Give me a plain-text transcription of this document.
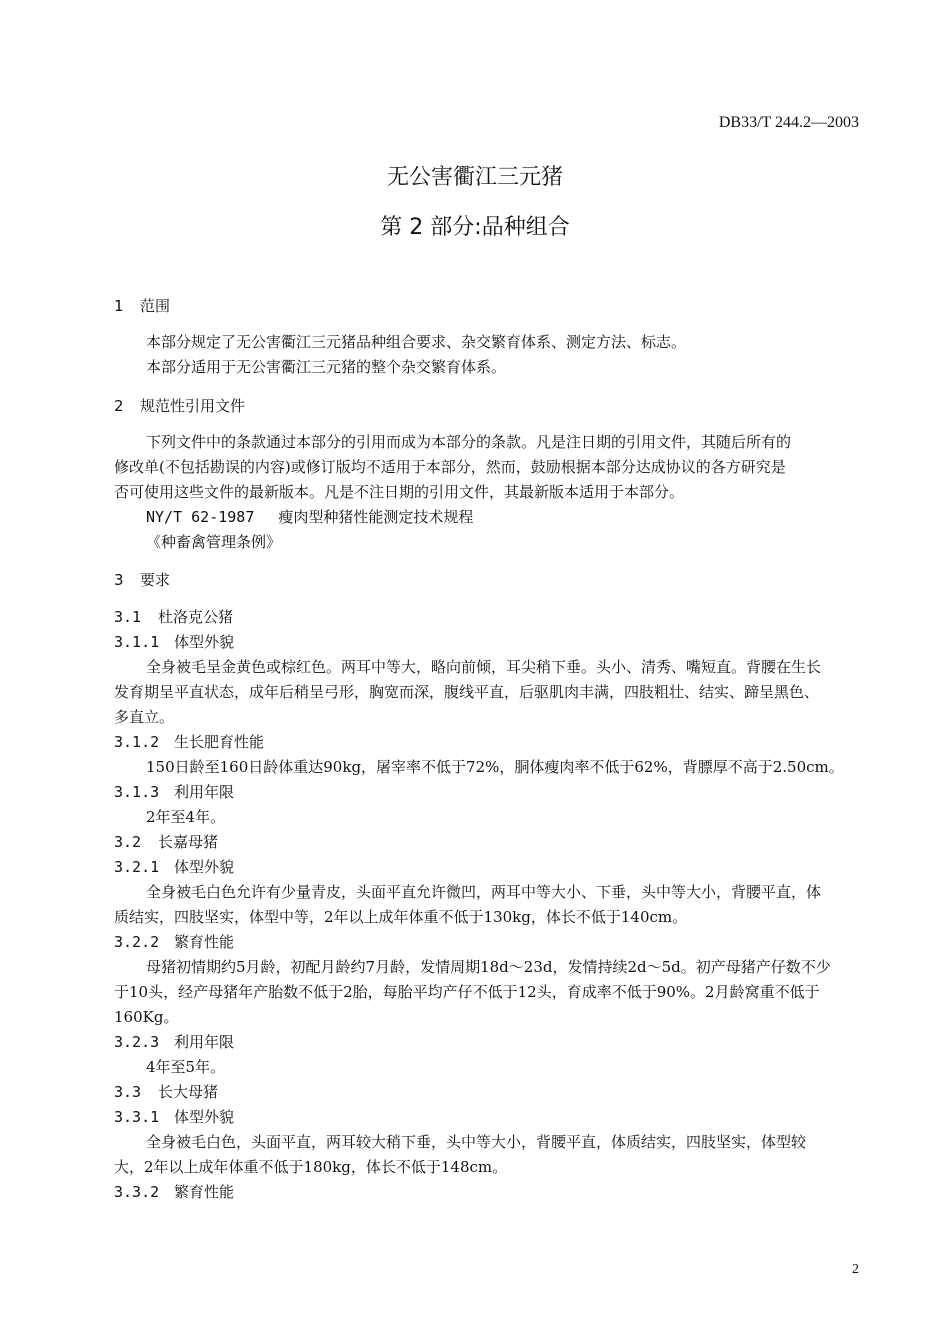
DB33/T 244.2—2003
无公害衢江三元猪
第 2 部分:品种组合
1 范围
本部分规定了无公害衢江三元猪品种组合要求、杂交繁育体系、测定方法、标志。
本部分适用于无公害衢江三元猪的整个杂交繁育体系。
2 规范性引用文件
下列文件中的条款通过本部分的引用而成为本部分的条款。凡是注日期的引用文件，其随后所有的
修改单(不包括勘误的内容)或修订版均不适用于本部分，然而，鼓励根据本部分达成协议的各方研究是
否可使用这些文件的最新版本。凡是不注日期的引用文件，其最新版本适用于本部分。
NY/T 62-1987　 瘦肉型种猪性能测定技术规程
《种畜禽管理条例》
3 要求
3.1 杜洛克公猪
3.1.1 体型外貌
全身被毛呈金黄色或棕红色。两耳中等大，略向前倾，耳尖稍下垂。头小、清秀、嘴短直。背腰在生长
发育期呈平直状态，成年后稍呈弓形，胸宽而深，腹线平直，后驱肌肉丰满，四肢粗壮、结实、蹄呈黑色、
多直立。
3.1.2 生长肥育性能
150日龄至160日龄体重达90kg，屠宰率不低于72%，胴体瘦肉率不低于62%，背膘厚不高于2.50cm。
3.1.3 利用年限
2年至4年。
3.2 长嘉母猪
3.2.1 体型外貌
全身被毛白色允许有少量青皮，头面平直允许微凹，两耳中等大小、下垂，头中等大小，背腰平直，体
质结实，四肢坚实，体型中等，2年以上成年体重不低于130kg，体长不低于140cm。
3.2.2 繁育性能
母猪初情期约5月龄，初配月龄约7月龄，发情周期18d～23d，发情持续2d～5d。初产母猪产仔数不少
于10头，经产母猪年产胎数不低于2胎，每胎平均产仔不低于12头，育成率不低于90%。2月龄窝重不低于
160Kg。
3.2.3 利用年限
4年至5年。
3.3 长大母猪
3.3.1 体型外貌
全身被毛白色，头面平直，两耳较大稍下垂，头中等大小，背腰平直，体质结实，四肢坚实，体型较
大，2年以上成年体重不低于180kg，体长不低于148cm。
3.3.2 繁育性能
2
